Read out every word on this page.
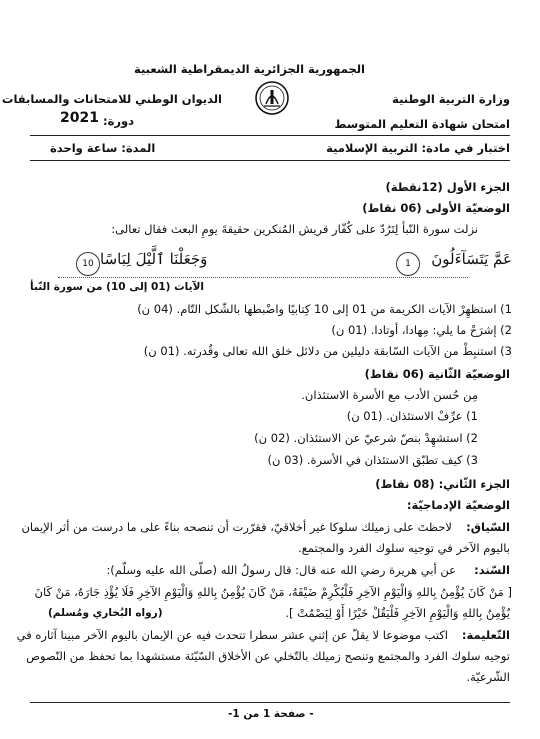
الجمهورية الجزائرية الديمقراطية الشعبية
وزارة التربية الوطنية
الديوان الوطني للامتحانات والمسابقات
امتحان شهادة التعليم المتوسط
دورة:
2021
اختبار في مادة: التربية الإسلامية
المدة: ساعة واحدة
الجزء الأول (12نقطة)
الوضعيّة الأولى (06 نقاط)
نزلت سورة النّبأ لِتَرُدّ على كُفّار قريش المُنكرين حقيقةَ يومِ البعث فقال تعالى:
عَمَّ يَتَسَآءَلُونَ
1
وَجَعَلْنَا ٱلَّيْلَ لِبَاسًا
10
الآيات (01 إلى 10) من سورة النّبأ
1) استظهِرْ الآيات الكريمة من 01 إلى 10 كِتابيًا واضْبطها بالشّكل التّام. (04 ن)
2) إشرَحْ ما يلي: مِهادا، أوتادا. (01 ن)
3) استنبِطْ من الآيات السّابقة دليلين من دلائل خلق الله تعالى وقُدرته. (01 ن)
الوضعيّة الثّانية (06 نقاط)
مِن حُسن الأدب مع الأسرة الاستئذان.
1) عرِّفْ الاستئذان. (01 ن)
2) استشهِدْ بنصّ شرعيّ عن الاستئذان. (02 ن)
3) كيف تطبّق الاستئذان في الأسرة. (03 ن)
الجزء الثّاني: (08 نقاط)
الوضعيّة الإدماجيّة:
السّياق:
لاحظتَ على زميلك سلوكا غير أخلاقيّ، فقرّرت أن تنصحه بناءً على ما درست من أثر الإيمان
باليوم الآخر في توجيه سلوك الفرد والمجتمع.
السّند:
عن أبي هريرة رضي الله عنه قال: قال رسولُ الله (صلّى الله عليه وسلّم):
[ مَنْ كَانَ يُؤْمِنُ بِاللهِ وَالْيَوْمِ الآخِرِ فَلْيُكْرِمْ ضَيْفَهُ، مَنْ كَانَ يُؤْمِنُ بِاللهِ وَالْيَوْمِ الآخِرِ فَلَا يُؤْذِ جَارَهُ، مَنْ كَانَ
يُؤْمِنُ بِاللهِ وَالْيَوْمِ الآخِرِ فَلْيَقُلْ خَيْرًا أَوْ لِيَصْمُتْ ].
(رواه البُخاري ومُسلم)
التّعليمة:
اكتب موضوعا لا يقلّ عن إثني عشر سطرا تتحدث فيه عن الإيمان باليوم الآخر مبينا آثاره في
توجيه سلوك الفرد والمجتمع وتنصح زميلك بالتّخلي عن الأخلاق السّيّئة مستشهدا بما تحفظ من النّصوص
الشّرعيّة.
- صفحة 1 من 1-
